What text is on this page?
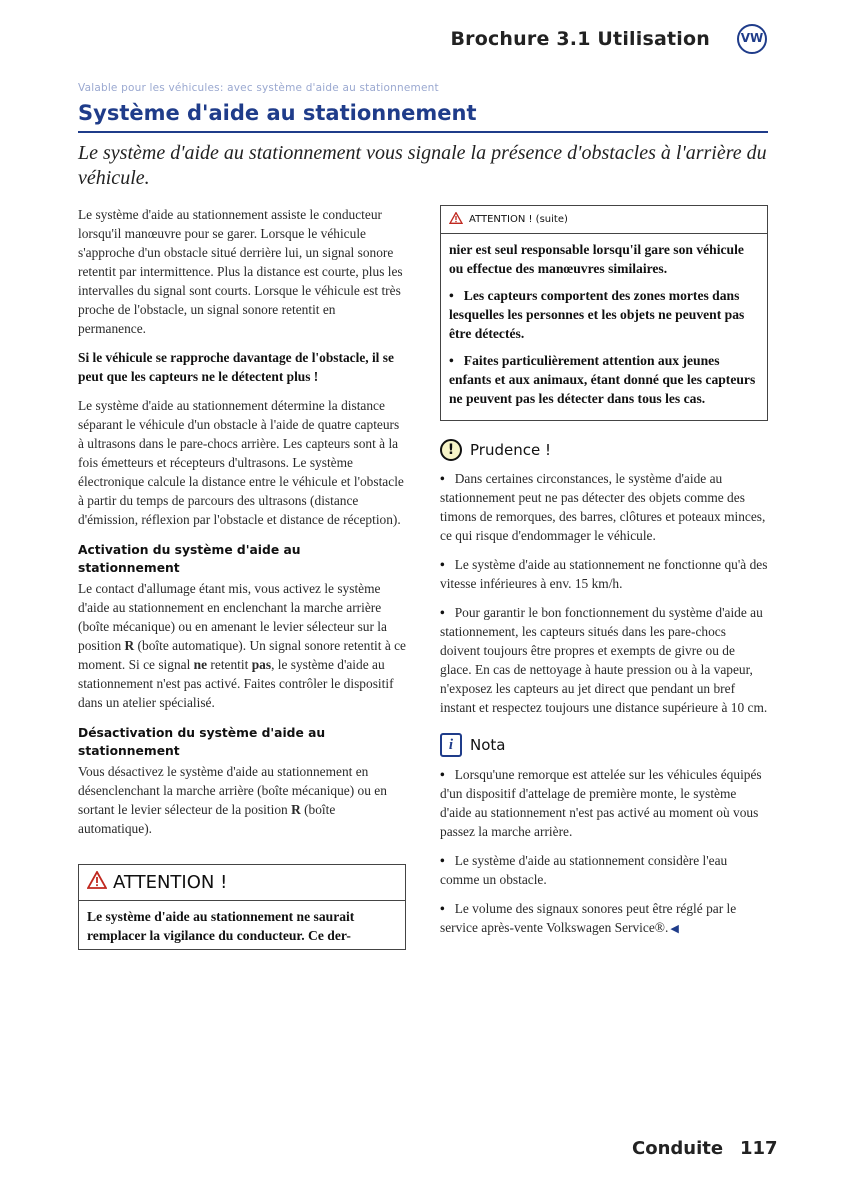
Brochure 3.1 Utilisation	VW
Valable pour les véhicules: avec système d'aide au stationnement
Système d'aide au stationnement
Le système d'aide au stationnement vous signale la présence d'obstacles à l'arrière du véhicule.

Le système d'aide au stationnement assiste le conducteur lorsqu'il manœuvre pour se garer. Lorsque le véhicule s'approche d'un obstacle situé derrière lui, un signal sonore retentit par intermittence. Plus la distance est courte, plus les intervalles du signal sont courts. Lorsque le véhicule est très proche de l'obstacle, un signal sonore retentit en permanence.

Si le véhicule se rapproche davantage de l'obstacle, il se peut que les capteurs ne le détectent plus !

Le système d'aide au stationnement détermine la distance séparant le véhicule d'un obstacle à l'aide de quatre capteurs à ultrasons dans le pare-chocs arrière. Les capteurs sont à la fois émetteurs et récepteurs d'ultrasons. Le système électronique calcule la distance entre le véhicule et l'obstacle à partir du temps de parcours des ultrasons (distance d'émission, réflexion par l'obstacle et distance de réception).

Activation du système d'aide au stationnement

Le contact d'allumage étant mis, vous activez le système d'aide au stationnement en enclenchant la marche arrière (boîte mécanique) ou en amenant le levier sélecteur sur la position R (boîte automatique). Un signal sonore retentit à ce moment. Si ce signal ne retentit pas, le système d'aide au stationnement n'est pas activé. Faites contrôler le dispositif dans un atelier spécialisé.

Désactivation du système d'aide au stationnement

Vous désactivez le système d'aide au stationnement en désenclenchant la marche arrière (boîte mécanique) ou en sortant le levier sélecteur de la position R (boîte automatique).

ATTENTION !
Le système d'aide au stationnement ne saurait remplacer la vigilance du conducteur. Ce der-
ATTENTION ! (suite)

nier est seul responsable lorsqu'il gare son véhicule ou effectue des manœuvres similaires.

• Les capteurs comportent des zones mortes dans lesquelles les personnes et les objets ne peuvent pas être détectés.

• Faites particulièrement attention aux jeunes enfants et aux animaux, étant donné que les capteurs ne peuvent pas les détecter dans tous les cas.

!	Prudence !

• Dans certaines circonstances, le système d'aide au stationnement peut ne pas détecter des objets comme des timons de remorques, des barres, clôtures et poteaux minces, ce qui risque d'endommager le véhicule.

• Le système d'aide au stationnement ne fonctionne qu'à des vitesse inférieures à env. 15 km/h.

• Pour garantir le bon fonctionnement du système d'aide au stationnement, les capteurs situés dans les pare-chocs doivent toujours être propres et exempts de givre ou de glace. En cas de nettoyage à haute pression ou à la vapeur, n'exposez les capteurs au jet direct que pendant un bref instant et respectez toujours une distance supérieure à 10 cm.

i	Nota

• Lorsqu'une remorque est attelée sur les véhicules équipés d'un dispositif d'attelage de première monte, le système d'aide au stationnement n'est pas activé au moment où vous passez la marche arrière.

• Le système d'aide au stationnement considère l'eau comme un obstacle.

• Le volume des signaux sonores peut être réglé par le service après-vente Volkswagen Service®. ◀

Conduite 117
